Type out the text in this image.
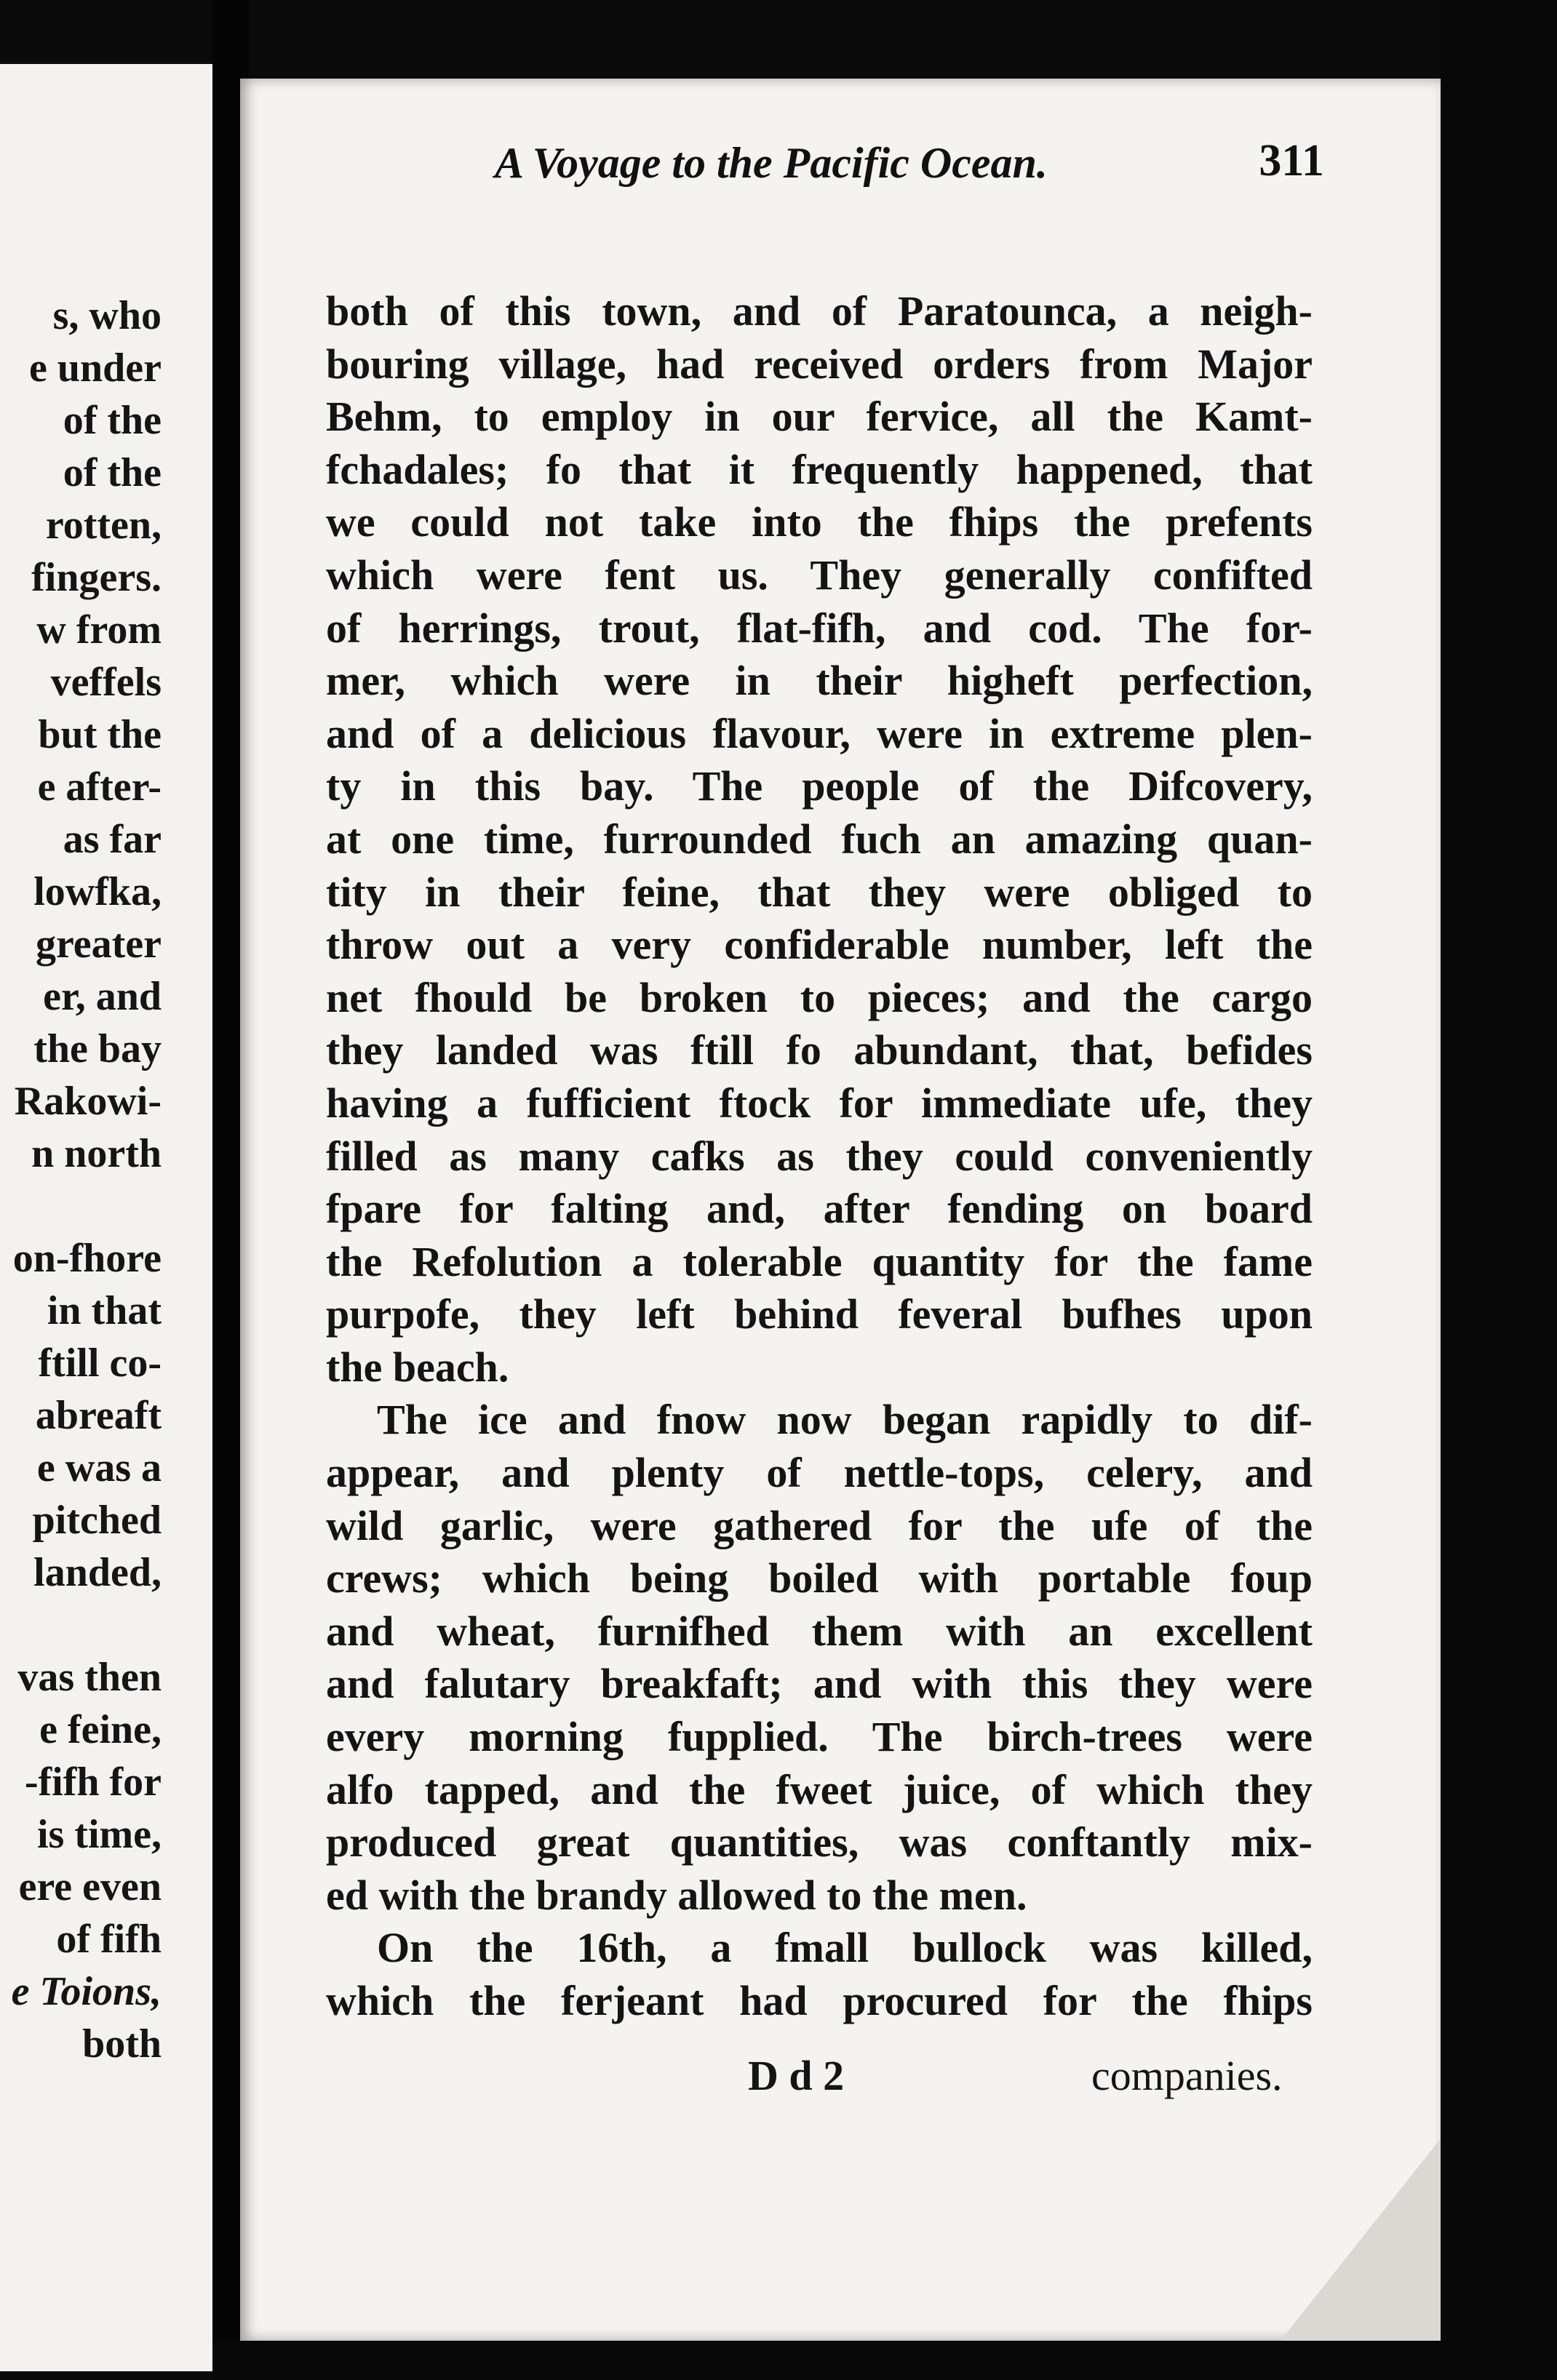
s, who
e under
of the
of the
rotten,
fingers.
w from
veffels
but the
e after-
as far
lowfka,
greater
er, and
the bay
Rakowi-
n north
on-fhore
in that
ftill co-
abreaft
e was a
pitched
landed,
vas then
e feine,
-fifh for
is time,
ere even
of fifh
e Toions,
both
A Voyage to the Pacific Ocean.	311
both of this town, and of Paratounca, a neigh-
bouring village, had received orders from Major
Behm, to employ in our fervice, all the Kamt-
fchadales; fo that it frequently happened, that
we could not take into the fhips the prefents
which were fent us. They generally confifted
of herrings, trout, flat-fifh, and cod. The for-
mer, which were in their higheft perfection,
and of a delicious flavour, were in extreme plen-
ty in this bay. The people of the Difcovery,
at one time, furrounded fuch an amazing quan-
tity in their feine, that they were obliged to
throw out a very confiderable number, left the
net fhould be broken to pieces; and the cargo
they landed was ftill fo abundant, that, befides
having a fufficient ftock for immediate ufe, they
filled as many cafks as they could conveniently
fpare for falting and, after fending on board
the Refolution a tolerable quantity for the fame
purpofe, they left behind feveral bufhes upon
the beach.
The ice and fnow now began rapidly to dif-
appear, and plenty of nettle-tops, celery, and
wild garlic, were gathered for the ufe of the
crews; which being boiled with portable foup
and wheat, furnifhed them with an excellent
and falutary breakfaft; and with this they were
every morning fupplied. The birch-trees were
alfo tapped, and the fweet juice, of which they
produced great quantities, was conftantly mix-
ed with the brandy allowed to the men.
On the 16th, a fmall bullock was killed,
which the ferjeant had procured for the fhips
D d 2	companies.
